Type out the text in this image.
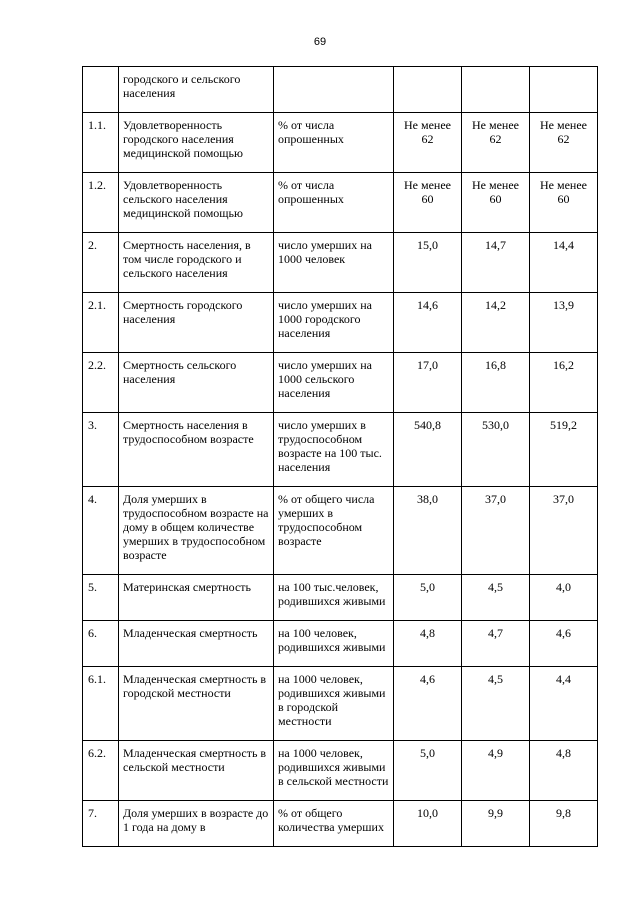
69
	городского и сельского населения				
1.1.	Удовлетворенность городского населения медицинской помощью	% от числа опрошенных	Не менее 62	Не менее 62	Не менее 62
1.2.	Удовлетворенность сельского населения медицинской помощью	% от числа опрошенных	Не менее 60	Не менее 60	Не менее 60
2.	Смертность населения, в том числе городского и сельского населения	число умерших на 1000 человек	15,0	14,7	14,4
2.1.	Смертность городского населения	число умерших на 1000 городского населения	14,6	14,2	13,9
2.2.	Смертность сельского населения	число умерших на 1000 сельского населения	17,0	16,8	16,2
3.	Смертность населения в трудоспособном возрасте	число умерших в трудоспособном возрасте на 100 тыс. населения	540,8	530,0	519,2
4.	Доля умерших в трудоспособном возрасте на дому в общем количестве умерших в трудоспособном возрасте	% от общего числа умерших в трудоспособном возрасте	38,0	37,0	37,0
5.	Материнская смертность	на 100 тыс.человек, родившихся живыми	5,0	4,5	4,0
6.	Младенческая смертность	на 100 человек, родившихся живыми	4,8	4,7	4,6
6.1.	Младенческая смертность в городской местности	на 1000 человек, родившихся живыми в городской местности	4,6	4,5	4,4
6.2.	Младенческая смертность в сельской местности	на 1000 человек, родившихся живыми в сельской местности	5,0	4,9	4,8
7.	Доля умерших в возрасте до 1 года на дому в	% от общего количества умерших	10,0	9,9	9,8
